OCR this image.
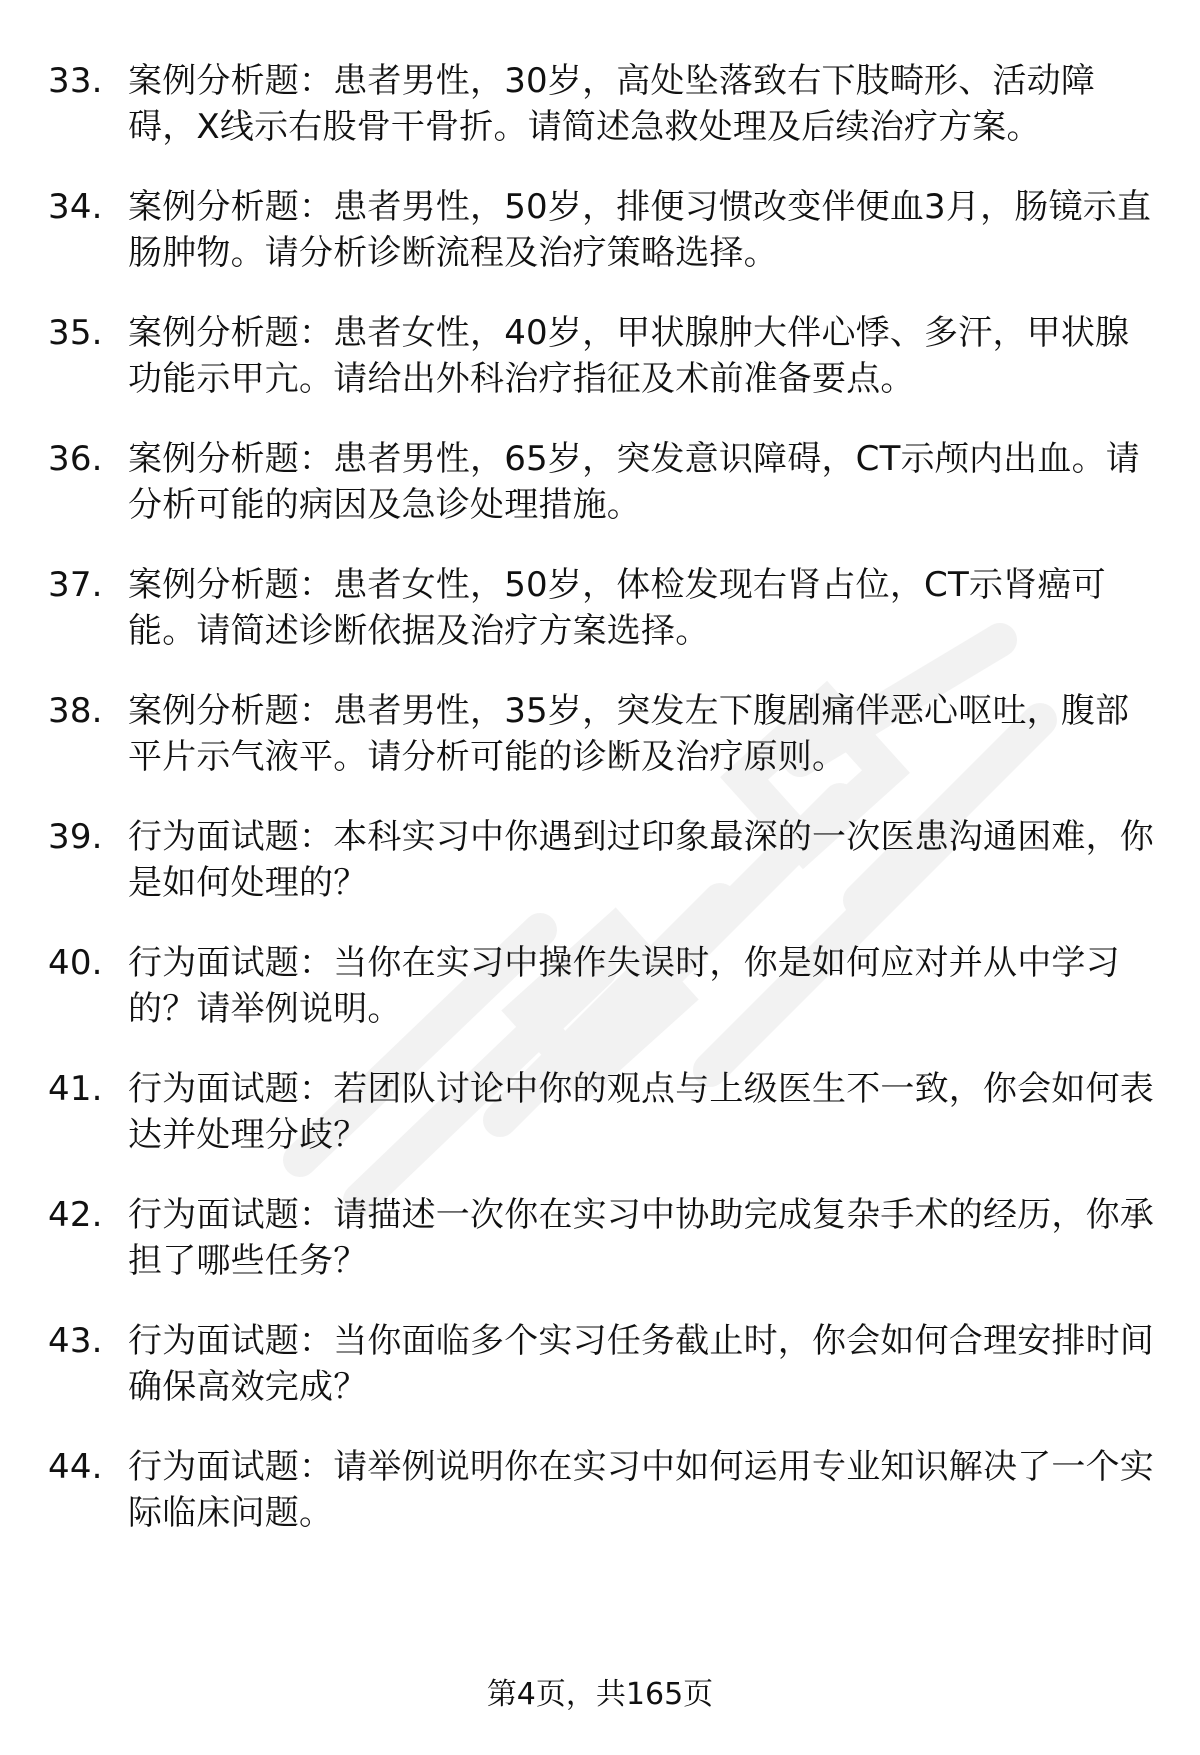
33. 案例分析题：患者男性，30岁，高处坠落致右下肢畸形、活动障碍，X线示右股骨干骨折。请简述急救处理及后续治疗方案。
34. 案例分析题：患者男性，50岁，排便习惯改变伴便血3月，肠镜示直肠肿物。请分析诊断流程及治疗策略选择。
35. 案例分析题：患者女性，40岁，甲状腺肿大伴心悸、多汗，甲状腺功能示甲亢。请给出外科治疗指征及术前准备要点。
36. 案例分析题：患者男性，65岁，突发意识障碍，CT示颅内出血。请分析可能的病因及急诊处理措施。
37. 案例分析题：患者女性，50岁，体检发现右肾占位，CT示肾癌可能。请简述诊断依据及治疗方案选择。
38. 案例分析题：患者男性，35岁，突发左下腹剧痛伴恶心呕吐，腹部平片示气液平。请分析可能的诊断及治疗原则。
39. 行为面试题：本科实习中你遇到过印象最深的一次医患沟通困难，你是如何处理的？
40. 行为面试题：当你在实习中操作失误时，你是如何应对并从中学习的？请举例说明。
41. 行为面试题：若团队讨论中你的观点与上级医生不一致，你会如何表达并处理分歧？
42. 行为面试题：请描述一次你在实习中协助完成复杂手术的经历，你承担了哪些任务？
43. 行为面试题：当你面临多个实习任务截止时，你会如何合理安排时间确保高效完成？
44. 行为面试题：请举例说明你在实习中如何运用专业知识解决了一个实际临床问题。
第4页，共165页
